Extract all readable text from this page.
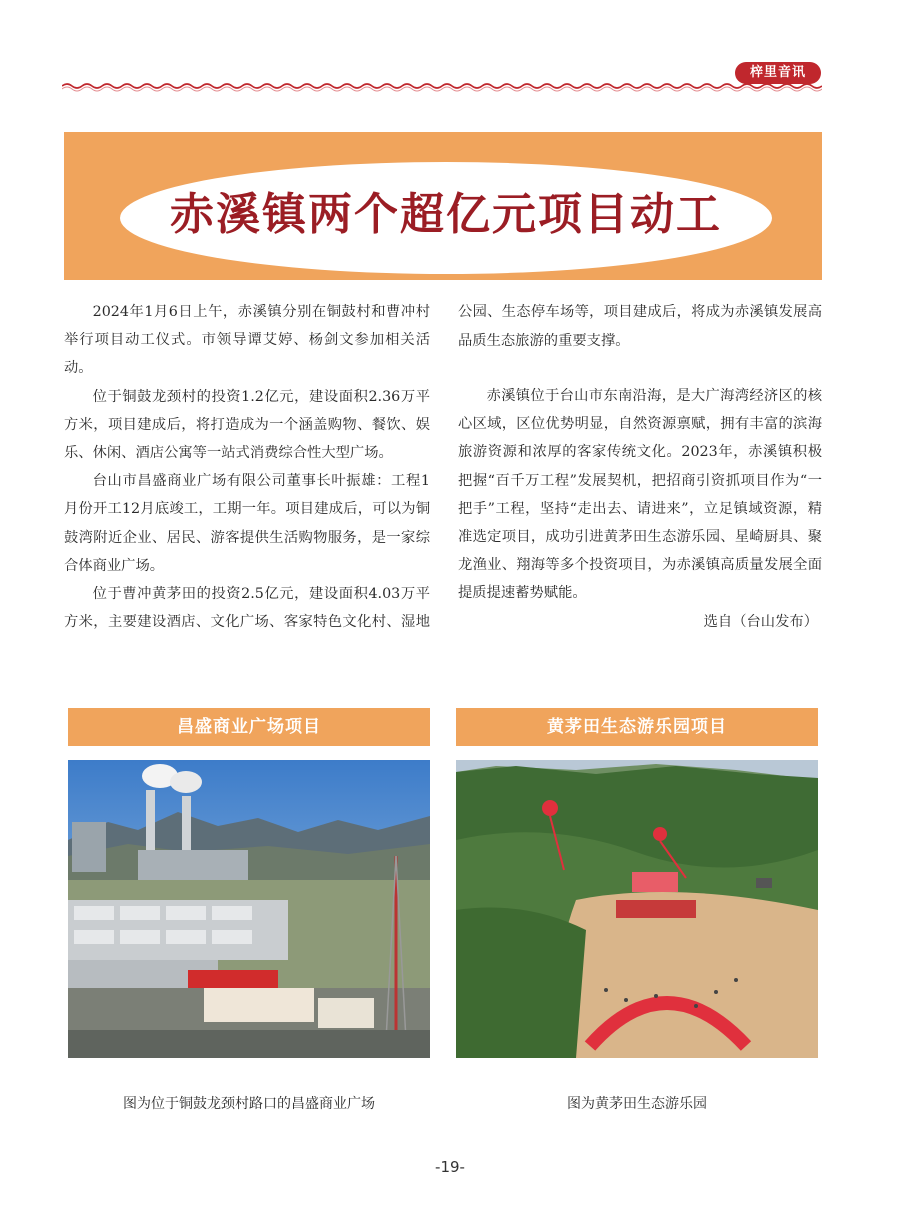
梓里音讯
赤溪镇两个超亿元项目动工

2024年1月6日上午，赤溪镇分别在铜鼓村和曹冲村举行项目动工仪式。市领导谭艾婷、杨剑文参加相关活动。

位于铜鼓龙颈村的投资1.2亿元，建设面积2.36万平方米，项目建成后，将打造成为一个涵盖购物、餐饮、娱乐、休闲、酒店公寓等一站式消费综合性大型广场。

台山市昌盛商业广场有限公司董事长叶振雄：工程1月份开工12月底竣工，工期一年。项目建成后，可以为铜鼓湾附近企业、居民、游客提供生活购物服务，是一家综合体商业广场。

位于曹冲黄茅田的投资2.5亿元，建设面积4.03万平方米，主要建设酒店、文化广场、客家特色文化村、湿地

公园、生态停车场等，项目建成后，将成为赤溪镇发展高品质生态旅游的重要支撑。

赤溪镇位于台山市东南沿海，是大广海湾经济区的核心区域，区位优势明显，自然资源禀赋，拥有丰富的滨海旅游资源和浓厚的客家传统文化。2023年，赤溪镇积极把握“百千万工程”发展契机，把招商引资抓项目作为“一把手”工程，坚持“走出去、请进来”，立足镇域资源，精准选定项目，成功引进黄茅田生态游乐园、星崎厨具、聚龙渔业、翔海等多个投资项目，为赤溪镇高质量发展全面提质提速蓄势赋能。

选自（台山发布）

昌盛商业广场项目	黄茅田生态游乐园项目
图为位于铜鼓龙颈村路口的昌盛商业广场	图为黄茅田生态游乐园
-19-
